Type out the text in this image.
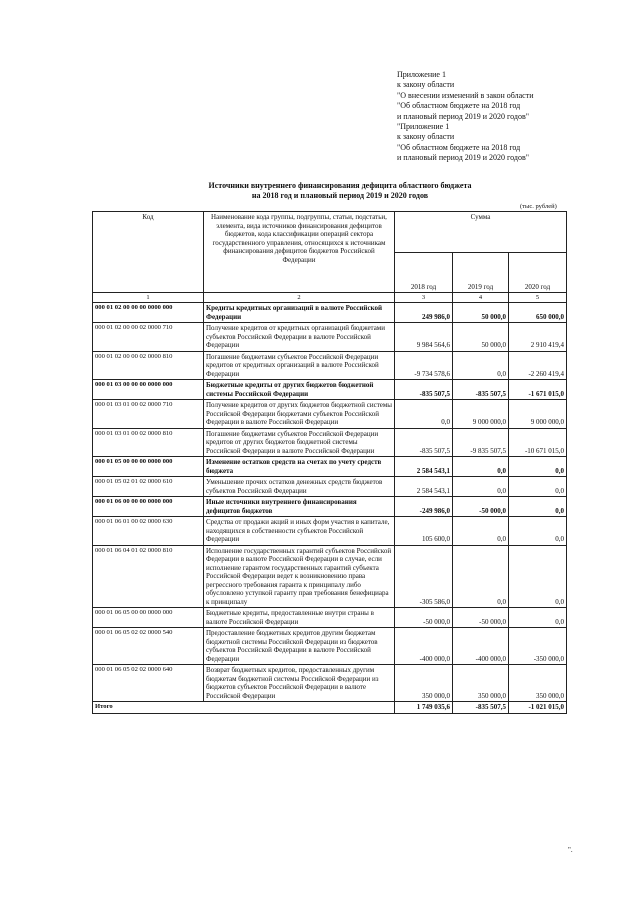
Приложение 1
к закону области
"О внесении изменений в закон области
"Об областном бюджете на 2018 год
и плановый период 2019 и 2020 годов"
"Приложение 1
к закону области
"Об областном бюджете на 2018 год
и плановый период 2019 и 2020 годов"
Источники внутреннего финансирования дефицита областного бюджета
на 2018 год и плановый период 2019 и 2020 годов
(тыс. рублей)
Код	Наименование кода группы, подгруппы, статьи, подстатьи, элемента, вида источников финансирования дефицитов бюджетов, кода классификации операций сектора государственного управления, относящихся к источникам финансирования дефицитов бюджетов Российской Федерации	Сумма		
		2018 год	2019 год	2020 год
1	2	3	4	5
000 01 02 00 00 00 0000 000	Кредиты кредитных организаций в валюте Российской Федерации	249 986,0	50 000,0	650 000,0
000 01 02 00 00 02 0000 710	Получение кредитов от кредитных организаций бюджетами субъектов Российской Федерации в валюте Российской Федерации	9 984 564,6	50 000,0	2 910 419,4
000 01 02 00 00 02 0000 810	Погашение бюджетами субъектов Российской Федерации кредитов от кредитных организаций в валюте Российской Федерации	-9 734 578,6	0,0	-2 260 419,4
000 01 03 00 00 00 0000 000	Бюджетные кредиты от других бюджетов бюджетной системы Российской Федерации	-835 507,5	-835 507,5	-1 671 015,0
000 01 03 01 00 02 0000 710	Получение кредитов от других бюджетов бюджетной системы Российской Федерации бюджетами субъектов Российской Федерации в валюте Российской Федерации	0,0	9 000 000,0	9 000 000,0
000 01 03 01 00 02 0000 810	Погашение бюджетами субъектов Российской Федерации кредитов от других бюджетов бюджетной системы Российской Федерации в валюте Российской Федерации	-835 507,5	-9 835 507,5	-10 671 015,0
000 01 05 00 00 00 0000 000	Изменение остатков средств на счетах по учету средств бюджета	2 584 543,1	0,0	0,0
000 01 05 02 01 02 0000 610	Уменьшение прочих остатков денежных средств бюджетов субъектов Российской Федерации	2 584 543,1	0,0	0,0
000 01 06 00 00 00 0000 000	Иные источники внутреннего финансирования дефицитов бюджетов	-249 986,0	-50 000,0	0,0
000 01 06 01 00 02 0000 630	Средства от продажи акций и иных форм участия в капитале, находящихся в собственности субъектов Российской Федерации	105 600,0	0,0	0,0
000 01 06 04 01 02 0000 810	Исполнение государственных гарантий субъектов Российской Федерации в валюте Российской Федерации в случае, если исполнение гарантом государственных гарантий субъекта Российской Федерации ведет к возникновению права регрессного требования гаранта к принципалу либо обусловлено уступкой гаранту прав требования бенефициара к принципалу	-305 586,0	0,0	0,0
000 01 06 05 00 00 0000 000	Бюджетные кредиты, предоставленные внутри страны в валюте Российской Федерации	-50 000,0	-50 000,0	0,0
000 01 06 05 02 02 0000 540	Предоставление бюджетных кредитов другим бюджетам бюджетной системы Российской Федерации из бюджетов субъектов Российской Федерации в валюте Российской Федерации	-400 000,0	-400 000,0	-350 000,0
000 01 06 05 02 02 0000 640	Возврат бюджетных кредитов, предоставленных другим бюджетам бюджетной системы Российской Федерации из бюджетов субъектов Российской Федерации в валюте Российской Федерации	350 000,0	350 000,0	350 000,0
Итого		1 749 035,6	-835 507,5	-1 021 015,0
".
